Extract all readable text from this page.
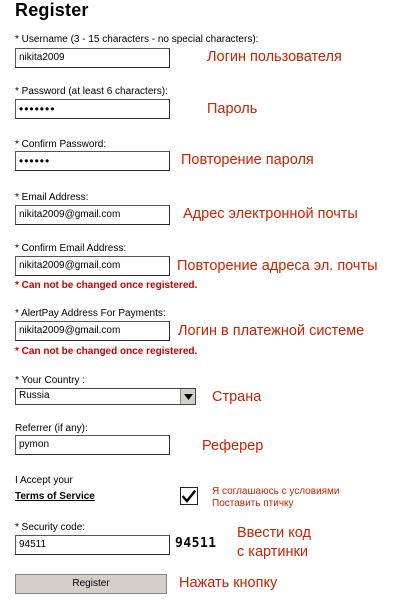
Register
* Username (3 - 15 characters - no special characters):
nikita2009	Логин пользователя
* Password (at least 6 characters):
•••••••	Пароль
* Confirm Password:
••••••	Повторение пароля
* Email Address:
nikita2009@gmail.com	Адрес электронной почты
* Confirm Email Address:
nikita2009@gmail.com	Повторение адреса эл. почты
* Can not be changed once registered.
* AlertPay Address For Payments:
nikita2009@gmail.com	Логин в платежной системе
* Can not be changed once registered.
* Your Country :
Russia	Страна
Referrer (if any):
pymon	Реферер
I Accept your
Terms of Service	Я соглашаюсь с условиями
Поставить птичку
* Security code:
94511	94511
Ввести код
с картинки
Register	Нажать кнопку
